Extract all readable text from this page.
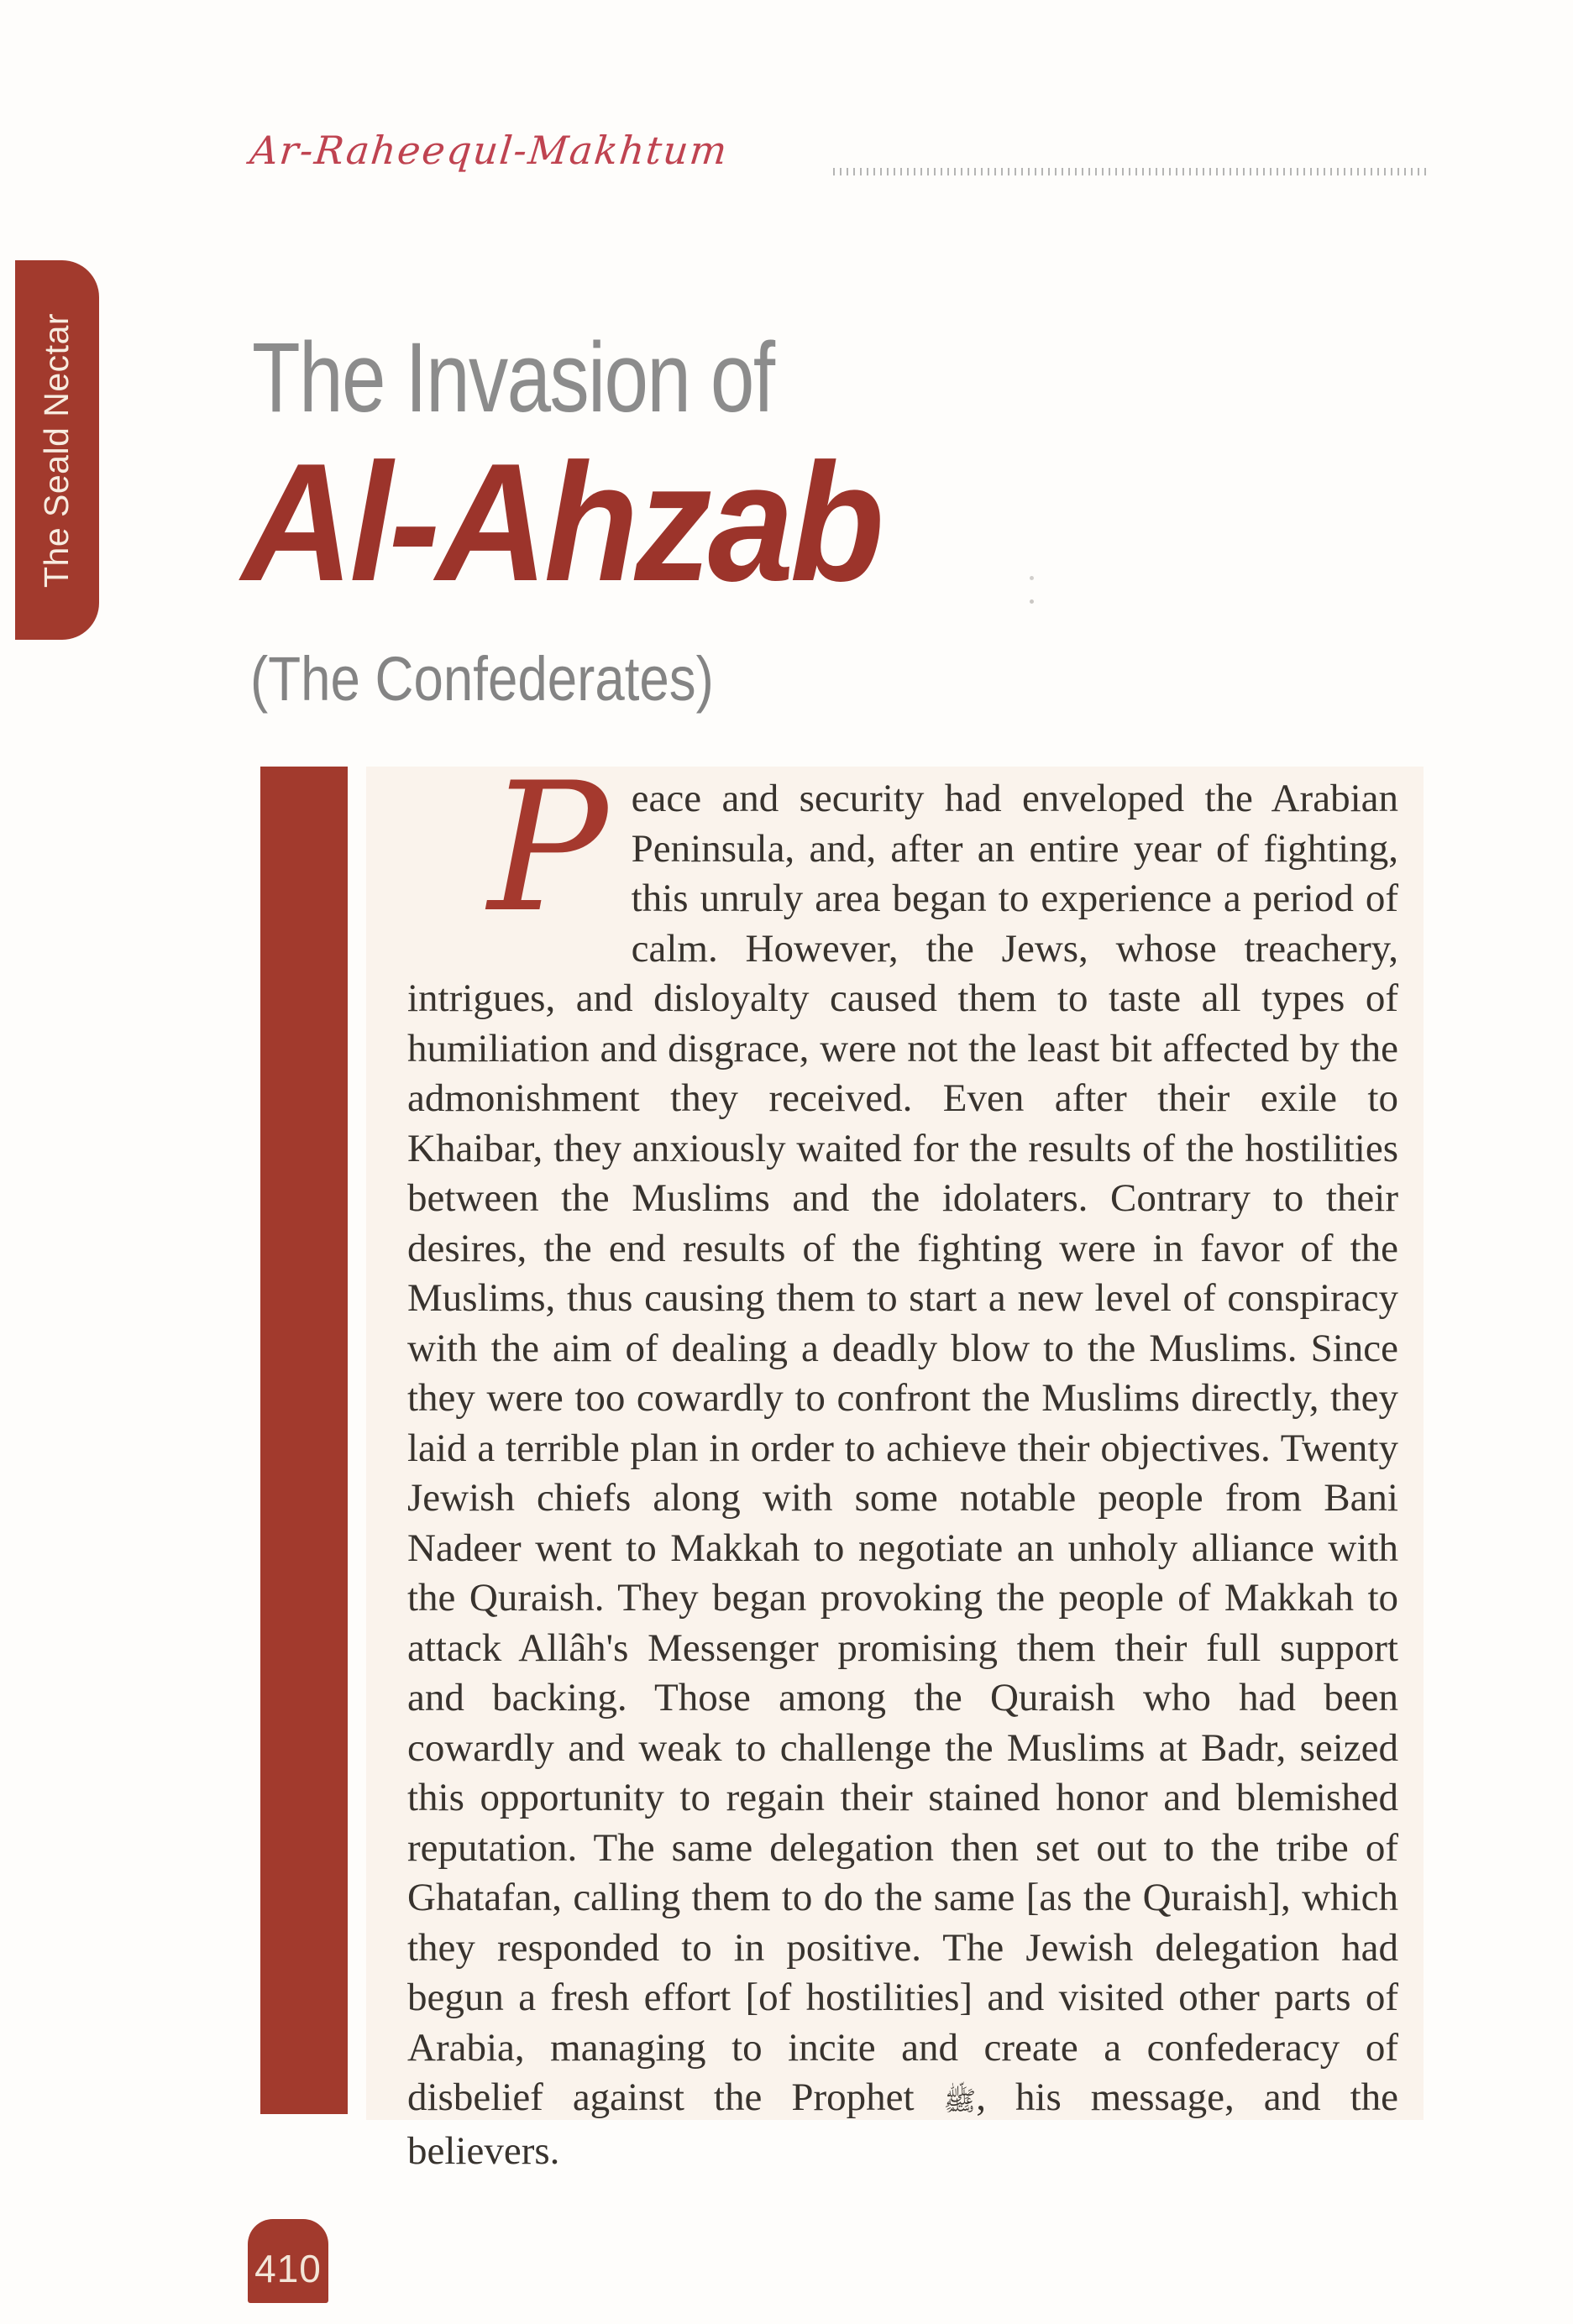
Ar-Raheequl-Makhtum
The Seald Nectar The Invasion of
Al-Ahzab
(The Confederates)
Peace and security had enveloped the Arabian Peninsula, and, after an entire year of fighting, this unruly area began to experience a period of calm. However, the Jews, whose treachery, intrigues, and disloyalty caused them to taste all types of humiliation and disgrace, were not the least bit affected by the admonishment they received. Even after their exile to Khaibar, they anxiously waited for the results of the hostilities between the Muslims and the idolaters. Contrary to their desires, the end results of the fighting were in favor of the Muslims, thus causing them to start a new level of conspiracy with the aim of dealing a deadly blow to the Muslims. Since they were too cowardly to confront the Muslims directly, they laid a terrible plan in order to achieve their objectives. Twenty Jewish chiefs along with some notable people from Bani Nadeer went to Makkah to negotiate an unholy alliance with the Quraish. They began provoking the people of Makkah to attack Allâh's Messenger promising them their full support and backing. Those among the Quraish who had been cowardly and weak to challenge the Muslims at Badr, seized this opportunity to regain their stained honor and blemished reputation. The same delegation then set out to the tribe of Ghatafan, calling them to do the same [as the Quraish], which they responded to in positive. The Jewish delegation had begun a fresh effort [of hostilities] and visited other parts of Arabia, managing to incite and create a confederacy of disbelief against the Prophet ﷺ, his message, and the believers.
410
